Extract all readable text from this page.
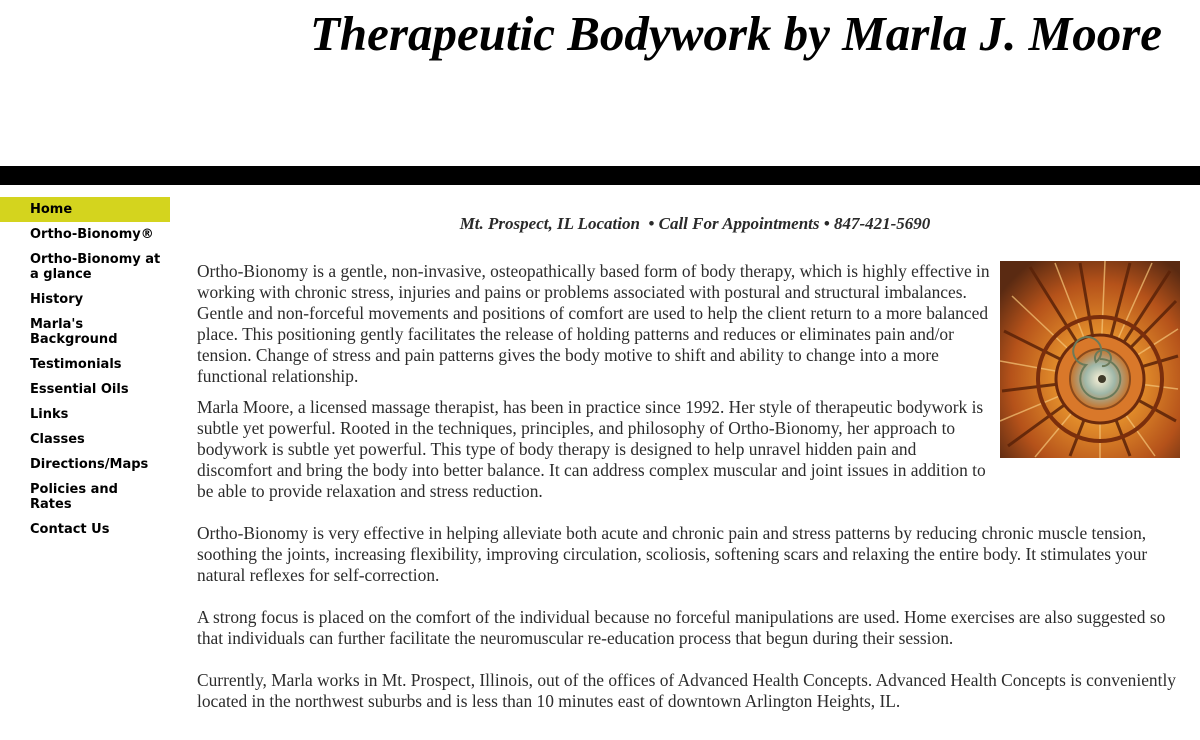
Therapeutic Bodywork by Marla J. Moore
Home
Ortho-Bionomy®
Ortho-Bionomy at a glance
History
Marla's Background
Testimonials
Essential Oils
Links
Classes
Directions/Maps
Policies and Rates
Contact Us
Mt. Prospect, IL Location  • Call For Appointments • 847-421-5690

Ortho-Bionomy is a gentle, non-invasive, osteopathically based form of body therapy, which is highly effective in working with chronic stress, injuries and pains or problems associated with postural and structural imbalances. Gentle and non-forceful movements and positions of comfort are used to help the client return to a more balanced place. This positioning gently facilitates the release of holding patterns and reduces or eliminates pain and/or tension. Change of stress and pain patterns gives the body motive to shift and ability to change into a more functional relationship.

Marla Moore, a licensed massage therapist, has been in practice since 1992. Her style of therapeutic bodywork is subtle yet powerful. Rooted in the techniques, principles, and philosophy of Ortho-Bionomy, her approach to bodywork is subtle yet powerful. This type of body therapy is designed to help unravel hidden pain and discomfort and bring the body into better balance. It can address complex muscular and joint issues in addition to be able to provide relaxation and stress reduction.

Ortho-Bionomy is very effective in helping alleviate both acute and chronic pain and stress patterns by reducing chronic muscle tension, soothing the joints, increasing flexibility, improving circulation, scoliosis, softening scars and relaxing the entire body. It stimulates your natural reflexes for self-correction.

A strong focus is placed on the comfort of the individual because no forceful manipulations are used. Home exercises are also suggested so that individuals can further facilitate the neuromuscular re-education process that begun during their session.

Currently, Marla works in Mt. Prospect, Illinois, out of the offices of Advanced Health Concepts. Advanced Health Concepts is conveniently located in the northwest suburbs and is less than 10 minutes east of downtown Arlington Heights, IL.
